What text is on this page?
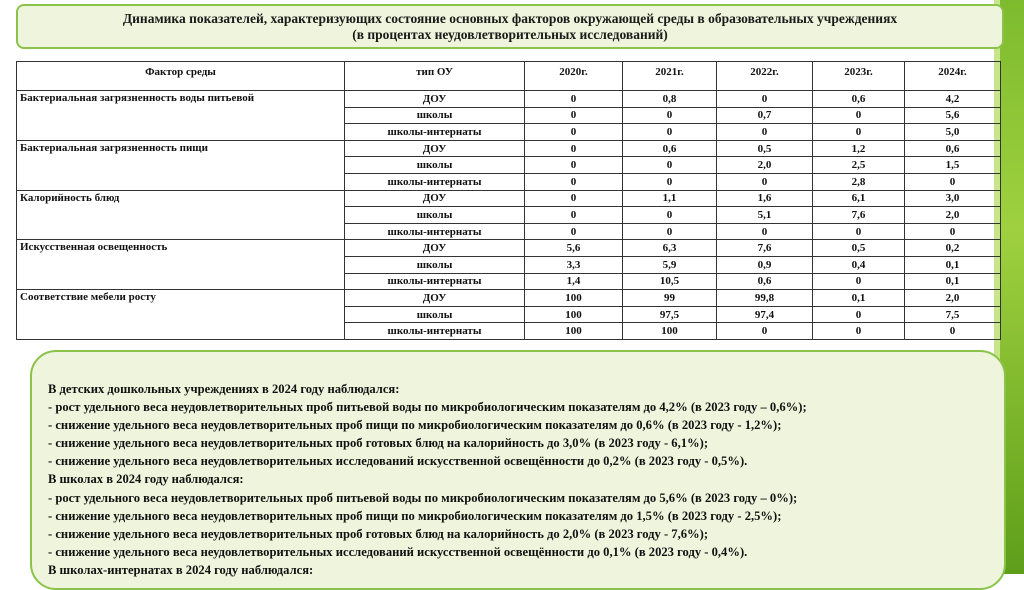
Динамика показателей, характеризующих состояние основных факторов окружающей среды в образовательных учреждениях
(в процентах неудовлетворительных исследований)
Фактор среды	тип ОУ	2020г.	2021г.	2022г.	2023г.	2024г.
Бактериальная загрязненность воды питьевой	ДОУ	0	0,8	0	0,6	4,2
	школы	0	0	0,7	0	5,6
	школы-интернаты	0	0	0	0	5,0
Бактериальная загрязненность пищи	ДОУ	0	0,6	0,5	1,2	0,6
	школы	0	0	2,0	2,5	1,5
	школы-интернаты	0	0	0	2,8	0
Калорийность блюд	ДОУ	0	1,1	1,6	6,1	3,0
	школы	0	0	5,1	7,6	2,0
	школы-интернаты	0	0	0	0	0
Искусственная освещенность	ДОУ	5,6	6,3	7,6	0,5	0,2
	школы	3,3	5,9	0,9	0,4	0,1
	школы-интернаты	1,4	10,5	0,6	0	0,1
Соответствие мебели росту	ДОУ	100	99	99,8	0,1	2,0
	школы	100	97,5	97,4	0	7,5
	школы-интернаты	100	100	0	0	0
В детских дошкольных учреждениях в 2024 году наблюдался:
- рост удельного веса неудовлетворительных проб питьевой воды по микробиологическим показателям до 4,2% (в 2023 году – 0,6%);
- снижение удельного веса неудовлетворительных проб пищи по микробиологическим показателям до 0,6% (в 2023 году - 1,2%);
- снижение удельного веса неудовлетворительных проб готовых блюд на калорийность до 3,0% (в 2023 году - 6,1%);
- снижение удельного веса неудовлетворительных исследований искусственной освещённости до 0,2% (в 2023 году - 0,5%).
В школах в 2024 году наблюдался:
- рост удельного веса неудовлетворительных проб питьевой воды по микробиологическим показателям до 5,6% (в 2023 году – 0%);
- снижение удельного веса неудовлетворительных проб пищи по микробиологическим показателям до 1,5% (в 2023 году - 2,5%);
- снижение удельного веса неудовлетворительных проб готовых блюд на калорийность до 2,0% (в 2023 году - 7,6%);
- снижение удельного веса неудовлетворительных исследований искусственной освещённости до 0,1% (в 2023 году - 0,4%).
В школах-интернатах в 2024 году наблюдался:
